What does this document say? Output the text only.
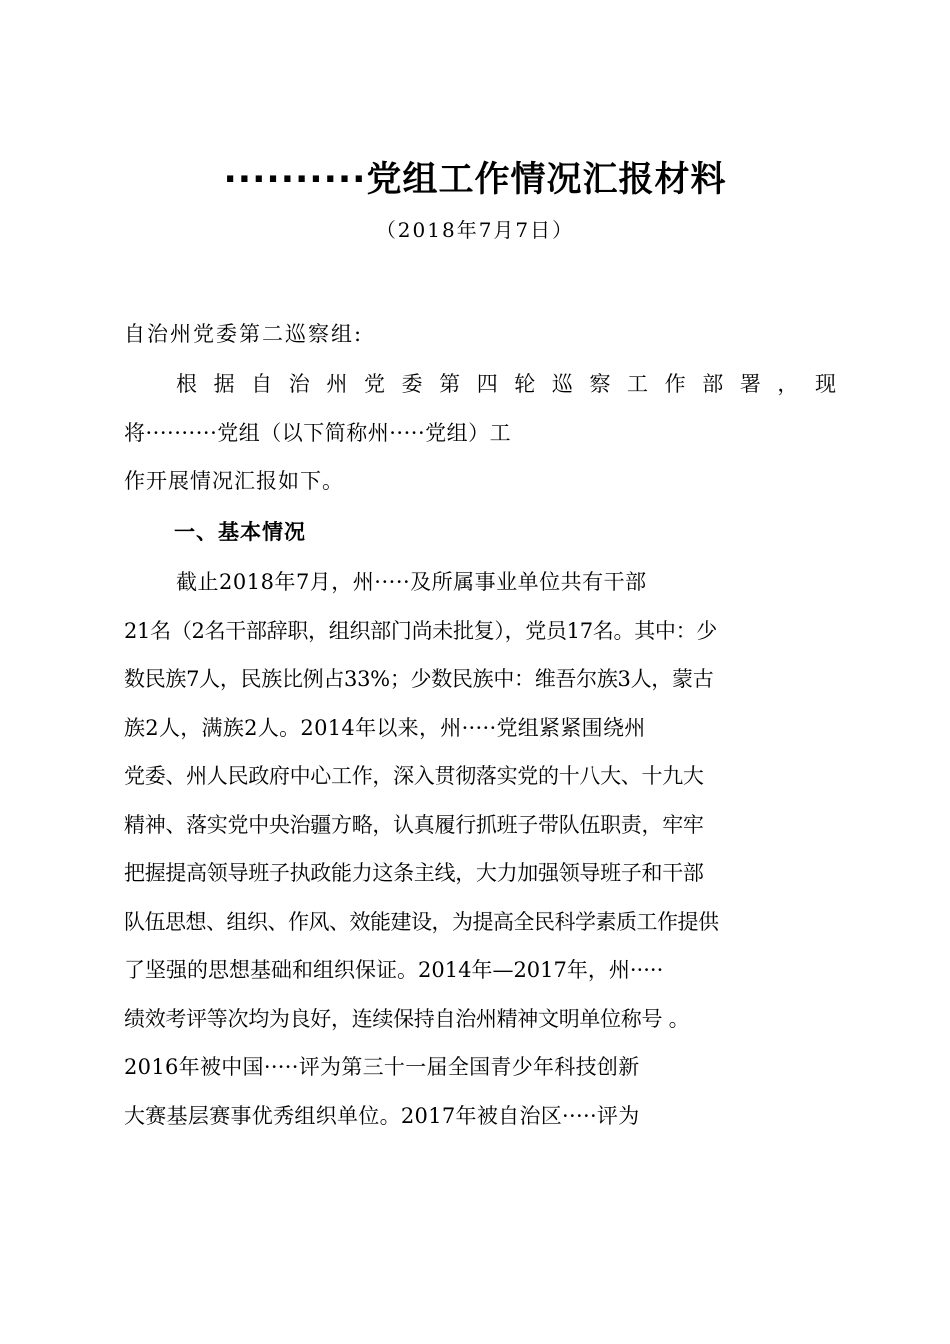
··········党组工作情况汇报材料
（2018年7月7日）
自治州党委第二巡察组:
根据自治州党委第四轮巡察工作部署，现
将··········党组（以下简称州·····党组）工
作开展情况汇报如下。
一、基本情况
截止2018年7月，州·····及所属事业单位共有干部
21名（2名干部辞职，组织部门尚未批复），党员17名。其中：少
数民族7人，民族比例占33%；少数民族中：维吾尔族3人，蒙古
族2人，满族2人。2014年以来，州·····党组紧紧围绕州
党委、州人民政府中心工作，深入贯彻落实党的十八大、十九大
精神、落实党中央治疆方略，认真履行抓班子带队伍职责，牢牢
把握提高领导班子执政能力这条主线，大力加强领导班子和干部
队伍思想、组织、作风、效能建设，为提高全民科学素质工作提供
了坚强的思想基础和组织保证。2014年—2017年，州·····
绩效考评等次均为良好，连续保持自治州精神文明单位称号 。
2016年被中国·····评为第三十一届全国青少年科技创新
大赛基层赛事优秀组织单位。2017年被自治区·····评为
